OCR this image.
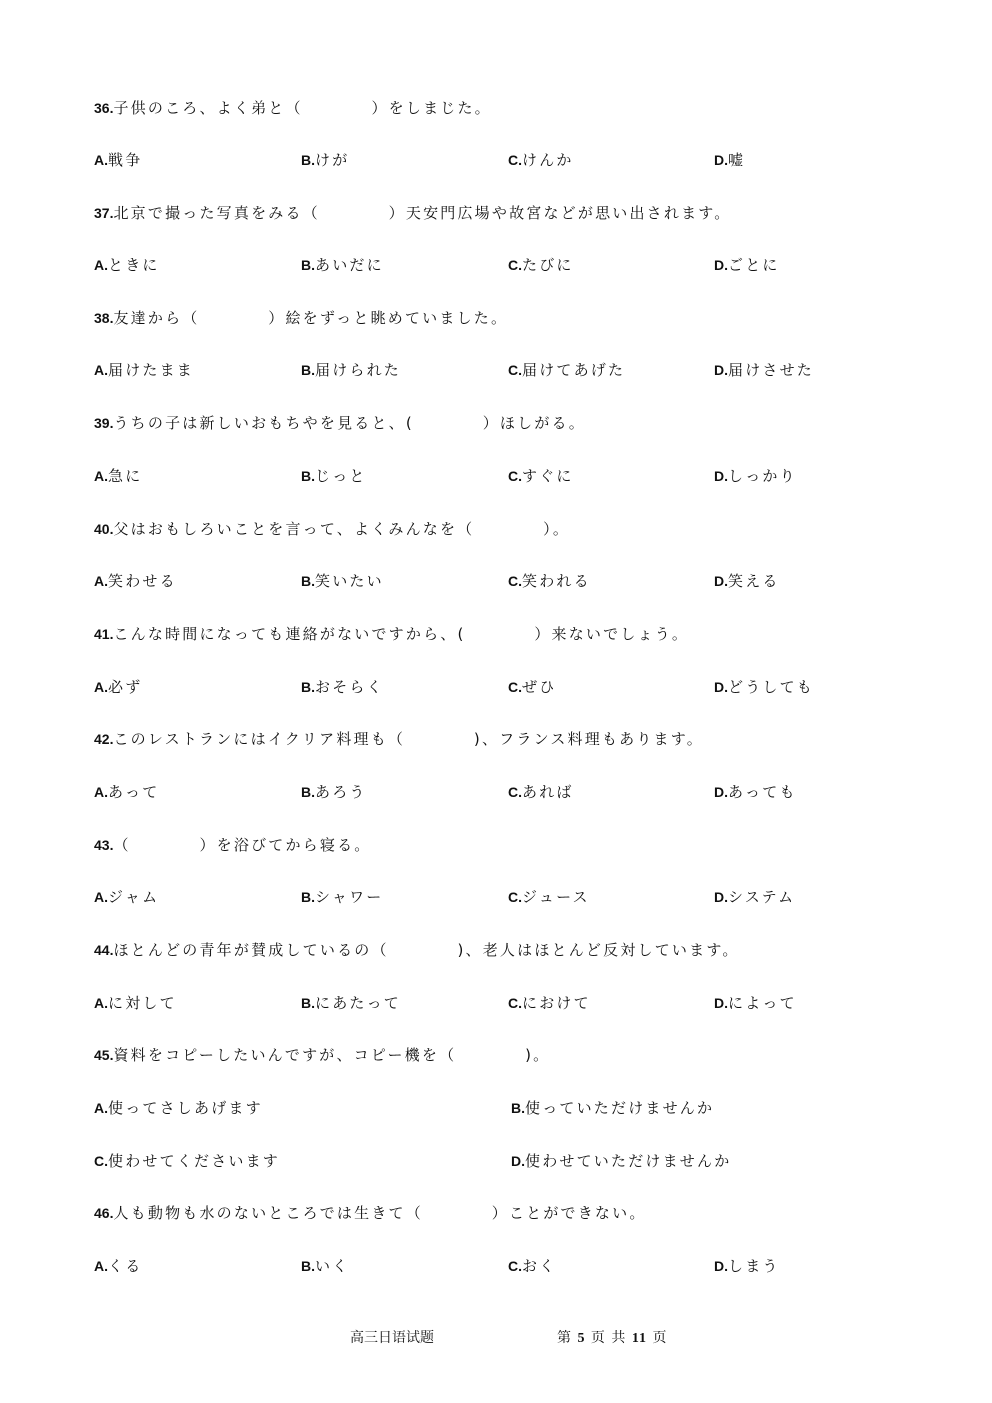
36.子供のころ、よく弟と（　　　　）をしまじた。
A.戦争	B.けが	C.けんか	D.嘘
37.北京で撮った写真をみる（　　　　）天安門広場や故宮などが思い出されます。
A.ときに	B.あいだに	C.たびに	D.ごとに
38.友達から（　　　　）絵をずっと眺めていました。
A.届けたまま	B.届けられた	C.届けてあげた	D.届けさせた
39.うちの子は新しいおもちやを見ると、(　　　　）ほしがる。
A.急に	B.じっと	C.すぐに	D.しっかり
40.父はおもしろいことを言って、よくみんなを（　　　　）。
A.笑わせる	B.笑いたい	C.笑われる	D.笑える
41.こんな時間になっても連絡がないですから、(　　　　）来ないでしょう。
A.必ず	B.おそらく	C.ぜひ	D.どうしても
42.このレストランにはイクリア料理も（　　　　)、フランス料理もあります。
A.あって	B.あろう	C.あれば	D.あっても
43.（　　　　）を浴びてから寝る。
A.ジャム	B.シャワー	C.ジュース	D.システム
44.ほとんどの青年が賛成しているの（　　　　)、老人はほとんど反対しています。
A.に対して	B.にあたって	C.におけて	D.によって
45.資料をコピーしたいんですが、コピー機を（　　　　)。
A.使ってさしあげます	B.使っていただけませんか
C.使わせてくださいます	D.使わせていただけませんか
46.人も動物も水のないところでは生きて（　　　　）ことができない。
A.くる	B.いく	C.おく	D.しまう
高三日语试题	第 5 页 共 11 页
